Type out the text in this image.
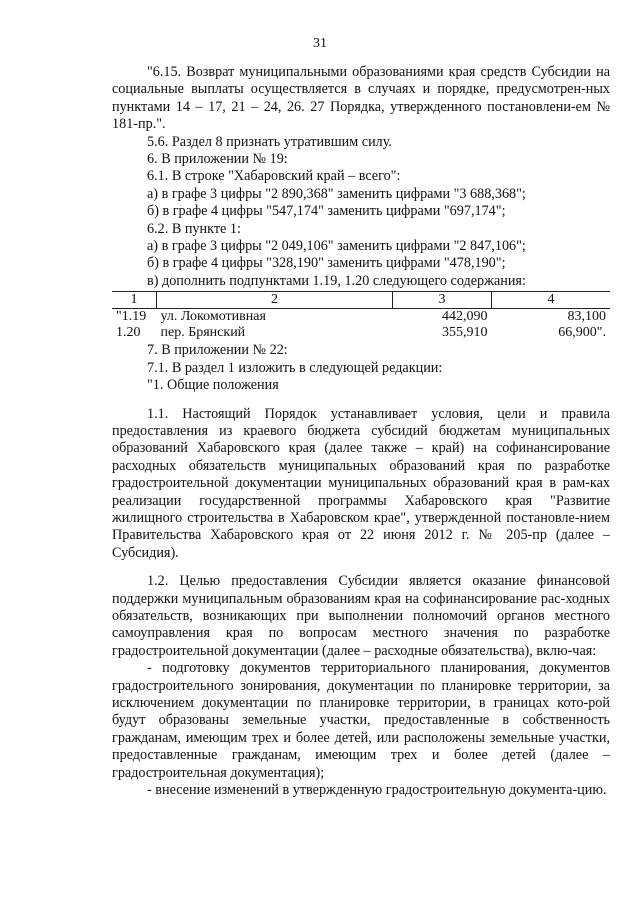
31

"6.15. Возврат муниципальными образованиями края средств Субсидии на социальные выплаты осуществляется в случаях и порядке, предусмотрен-ных пунктами 14 – 17, 21 – 24, 26. 27 Порядка, утвержденного постановлени-ем № 181-пр.".

5.6. Раздел 8 признать утратившим силу.

6. В приложении № 19:

6.1. В строке "Хабаровский край – всего":

а) в графе 3 цифры "2 890,368" заменить цифрами "3 688,368";

б) в графе 4 цифры "547,174" заменить цифрами "697,174";

6.2. В пункте 1:

а) в графе 3 цифры "2 049,106" заменить цифрами "2 847,106";

б) в графе 4 цифры "328,190" заменить цифрами "478,190";

в) дополнить подпунктами 1.19, 1.20 следующего содержания:

1	2	3	4
"1.19	ул. Локомотивная	442,090	83,100
1.20	пер. Брянский	355,910	66,900".

7. В приложении № 22:

7.1. В раздел 1 изложить в следующей редакции:

"1. Общие положения

1.1. Настоящий Порядок устанавливает условия, цели и правила предоставления из краевого бюджета субсидий бюджетам муниципальных образований Хабаровского края (далее также – край) на софинансирование расходных обязательств муниципальных образований края по разработке градостроительной документации муниципальных образований края в рам-ках реализации государственной программы Хабаровского края "Развитие жилищного строительства в Хабаровском крае", утвержденной постановле-нием Правительства Хабаровского края от 22 июня 2012 г. № 205-пр (далее – Субсидия).

1.2. Целью предоставления Субсидии является оказание финансовой поддержки муниципальным образованиям края на софинансирование рас-ходных обязательств, возникающих при выполнении полномочий органов местного самоуправления края по вопросам местного значения по разработке градостроительной документации (далее – расходные обязательства), вклю-чая:

- подготовку документов территориального планирования, документов градостроительного зонирования, документации по планировке территории, за исключением документации по планировке территории, в границах кото-рой будут образованы земельные участки, предоставленные в собственность гражданам, имеющим трех и более детей, или расположены земельные участки, предоставленные гражданам, имеющим трех и более детей (далее – градостроительная документация);

- внесение изменений в утвержденную градостроительную документа-цию.
